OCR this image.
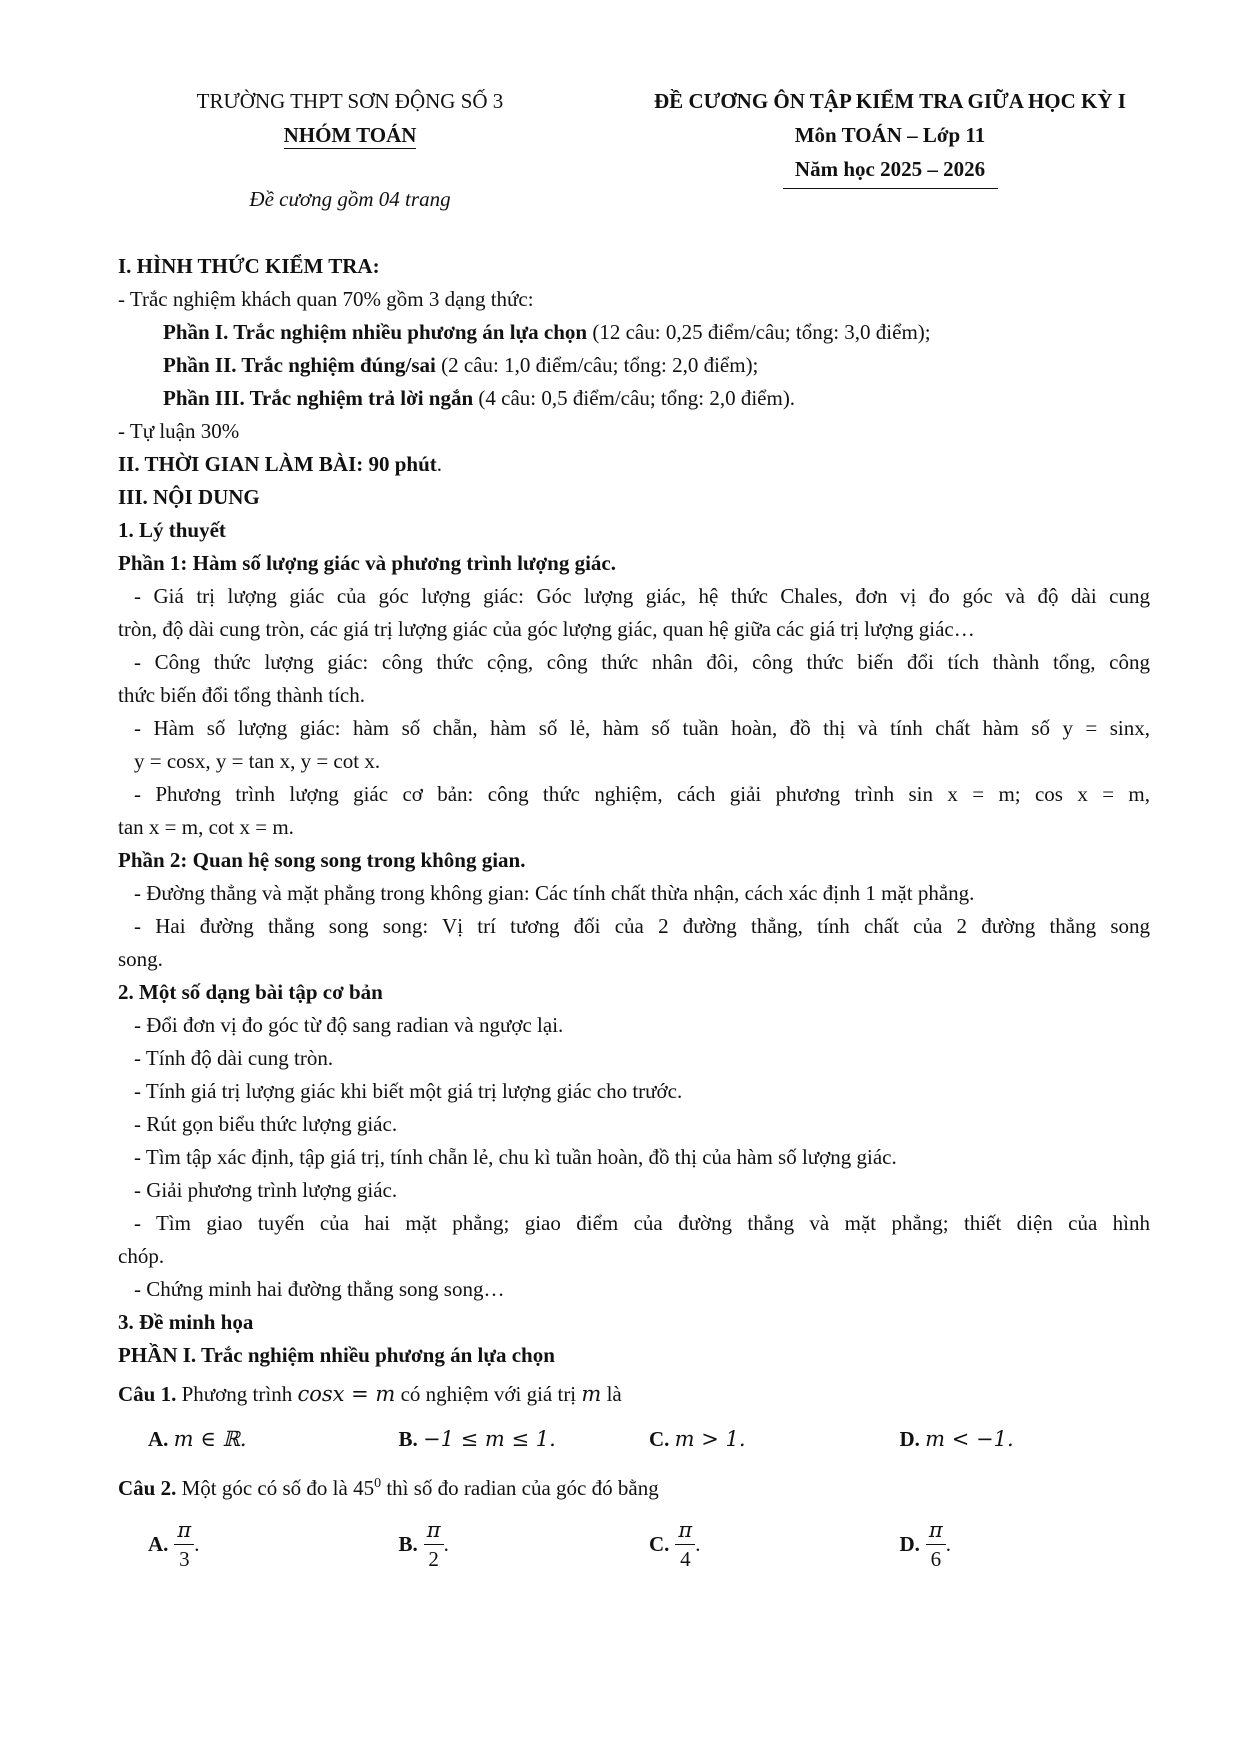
TRƯỜNG THPT SƠN ĐỘNG SỐ 3
NHÓM TOÁN
Đề cương gồm 04 trang
ĐỀ CƯƠNG ÔN TẬP KIỂM TRA GIỮA HỌC KỲ I
Môn TOÁN – Lớp 11
Năm học 2025 – 2026
I. HÌNH THỨC KIỂM TRA:
- Trắc nghiệm khách quan 70% gồm 3 dạng thức:
Phần I. Trắc nghiệm nhiều phương án lựa chọn (12 câu: 0,25 điểm/câu; tổng: 3,0 điểm);
Phần II. Trắc nghiệm đúng/sai (2 câu: 1,0 điểm/câu; tổng: 2,0 điểm);
Phần III. Trắc nghiệm trả lời ngắn (4 câu: 0,5 điểm/câu; tổng: 2,0 điểm).
- Tự luận 30%
II. THỜI GIAN LÀM BÀI: 90 phút.
III. NỘI DUNG
1. Lý thuyết
Phần 1: Hàm số lượng giác và phương trình lượng giác.
- Giá trị lượng giác của góc lượng giác: Góc lượng giác, hệ thức Chales, đơn vị đo góc và độ dài cung
tròn, độ dài cung tròn, các giá trị lượng giác của góc lượng giác, quan hệ giữa các giá trị lượng giác…
- Công thức lượng giác: công thức cộng, công thức nhân đôi, công thức biến đổi tích thành tổng, công
thức biến đổi tổng thành tích.
- Hàm số lượng giác: hàm số chẵn, hàm số lẻ, hàm số tuần hoàn, đồ thị và tính chất hàm số y = sinx,
y = cosx, y = tan x, y = cot x.
- Phương trình lượng giác cơ bản: công thức nghiệm, cách giải phương trình sin x = m; cos x = m,
tan x = m, cot x = m.
Phần 2: Quan hệ song song trong không gian.
- Đường thẳng và mặt phẳng trong không gian: Các tính chất thừa nhận, cách xác định 1 mặt phẳng.
- Hai đường thẳng song song: Vị trí tương đối của 2 đường thẳng, tính chất của 2 đường thẳng song
song.
2. Một số dạng bài tập cơ bản
- Đổi đơn vị đo góc từ độ sang radian và ngược lại.
- Tính độ dài cung tròn.
- Tính giá trị lượng giác khi biết một giá trị lượng giác cho trước.
- Rút gọn biểu thức lượng giác.
- Tìm tập xác định, tập giá trị, tính chẵn lẻ, chu kì tuần hoàn, đồ thị của hàm số lượng giác.
- Giải phương trình lượng giác.
- Tìm giao tuyến của hai mặt phẳng; giao điểm của đường thẳng và mặt phẳng; thiết diện của hình
chóp.
- Chứng minh hai đường thẳng song song…
3. Đề minh họa
PHẦN I. Trắc nghiệm nhiều phương án lựa chọn
Câu 1. Phương trình cosx = m có nghiệm với giá trị m là
A. m ∈ ℝ.	B. −1 ≤ m ≤ 1.	C. m > 1.	D. m < −1.
Câu 2. Một góc có số đo là $45^0$ thì số đo radian của góc đó bằng
A. $\frac{\pi}{3}$ .	B. $\frac{\pi}{2}$ .	C. $\frac{\pi}{4}$ .	D. $\frac{\pi}{6}$ .
